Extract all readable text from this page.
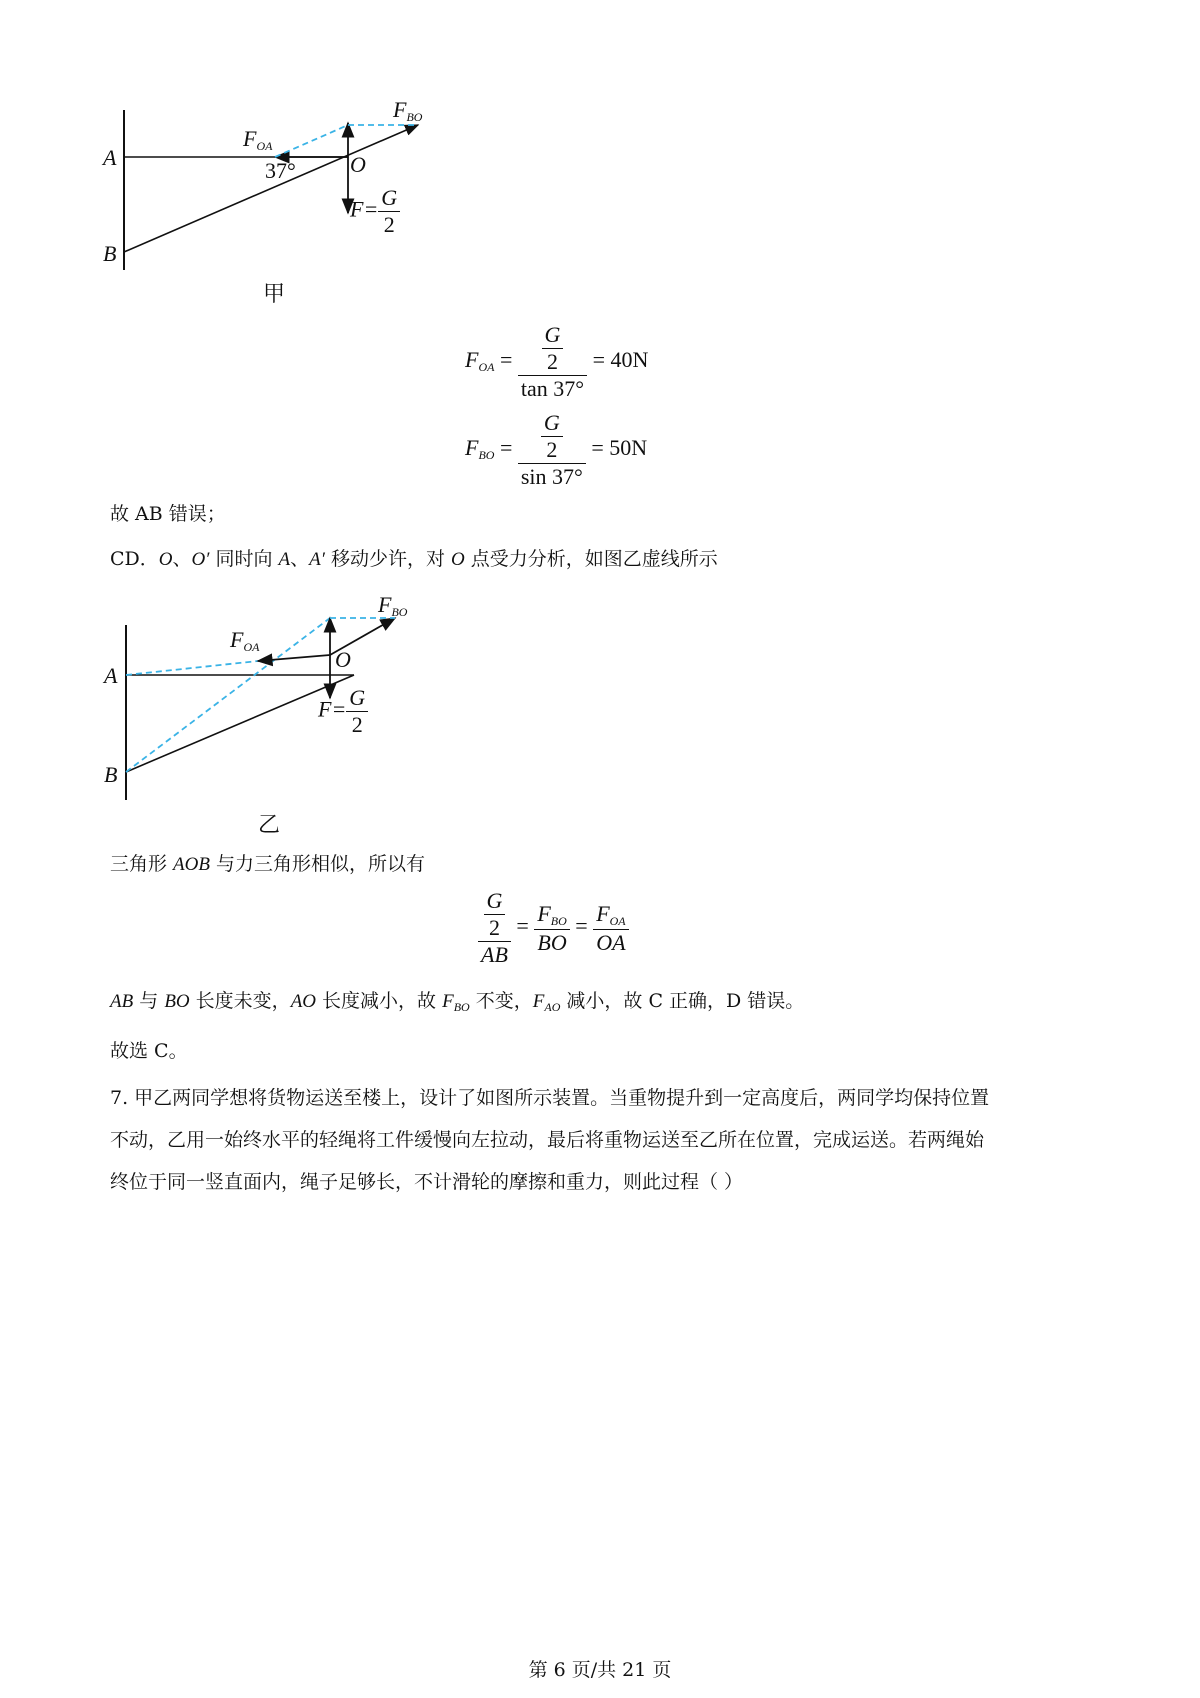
A
B
O
$F_{OA}$
$F_{BO}$
37°
$F= \frac{G}{2}$
甲
$F_{OA} = \frac{\frac{G}{2}}{\tan 37^\circ} = 40N$
$F_{BO} = \frac{\frac{G}{2}}{\sin 37^\circ} = 50N$
故 AB 错误；
CD．O、O′ 同时向 A、A′ 移动少许，对 O 点受力分析，如图乙虚线所示
A
B
O
$F_{OA}$
$F_{BO}$
$F= \frac{G}{2}$
乙
三角形 AOB 与力三角形相似，所以有
$\frac{\frac{G}{2}}{AB} = \frac{F_{BO}}{BO} = \frac{F_{OA}}{OA}$
AB 与 BO 长度未变，AO 长度减小，故 $F_{BO}$ 不变，$F_{AO}$ 减小，故 C 正确，D 错误。
故选 C。
7. 甲乙两同学想将货物运送至楼上，设计了如图所示装置。当重物提升到一定高度后，两同学均保持位置
不动，乙用一始终水平的轻绳将工件缓慢向左拉动，最后将重物运送至乙所在位置，完成运送。若两绳始
终位于同一竖直面内，绳子足够长，不计滑轮的摩擦和重力，则此过程（ ）
第 6 页/共 21 页
